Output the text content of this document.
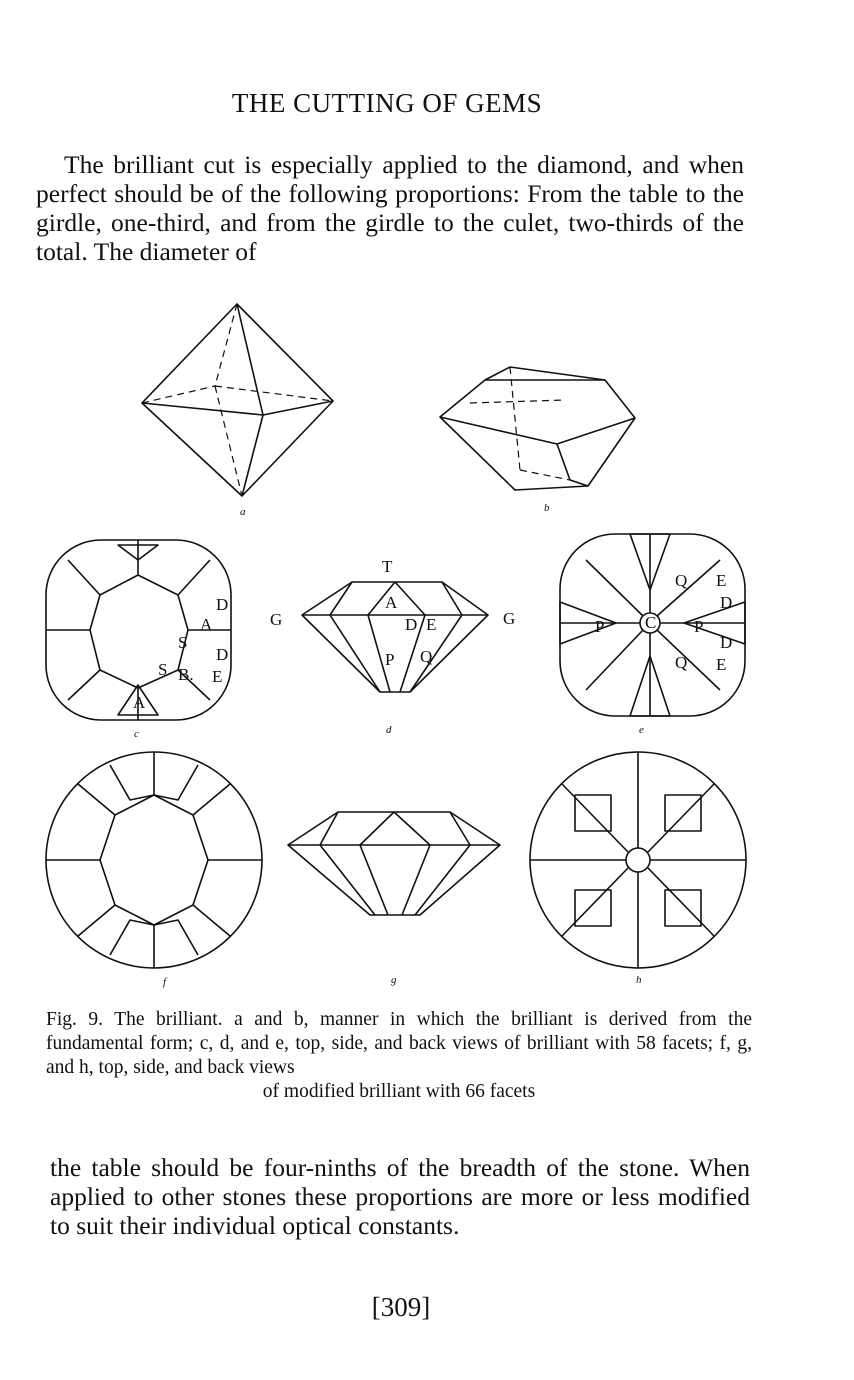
THE CUTTING OF GEMS
The brilliant cut is especially applied to the diamond, and when perfect should be of the following proportions: From the table to the girdle, one-third, and from the girdle to the culet, two-thirds of the total. The diameter of
A
S
B.
S
A
D
D
E
T
G	G
A
D E
P Q
P	P
C
Q E
D
D
E
Q
a	b
c	d	e
f	g	h
Fig. 9. The brilliant. a and b, manner in which the brilliant is derived from the fundamental form; c, d, and e, top, side, and back views of brilliant with 58 facets; f, g, and h, top, side, and back views
of modified brilliant with 66 facets
the table should be four-ninths of the breadth of the stone. When applied to other stones these proportions are more or less modified to suit their individual optical constants.
[309]
